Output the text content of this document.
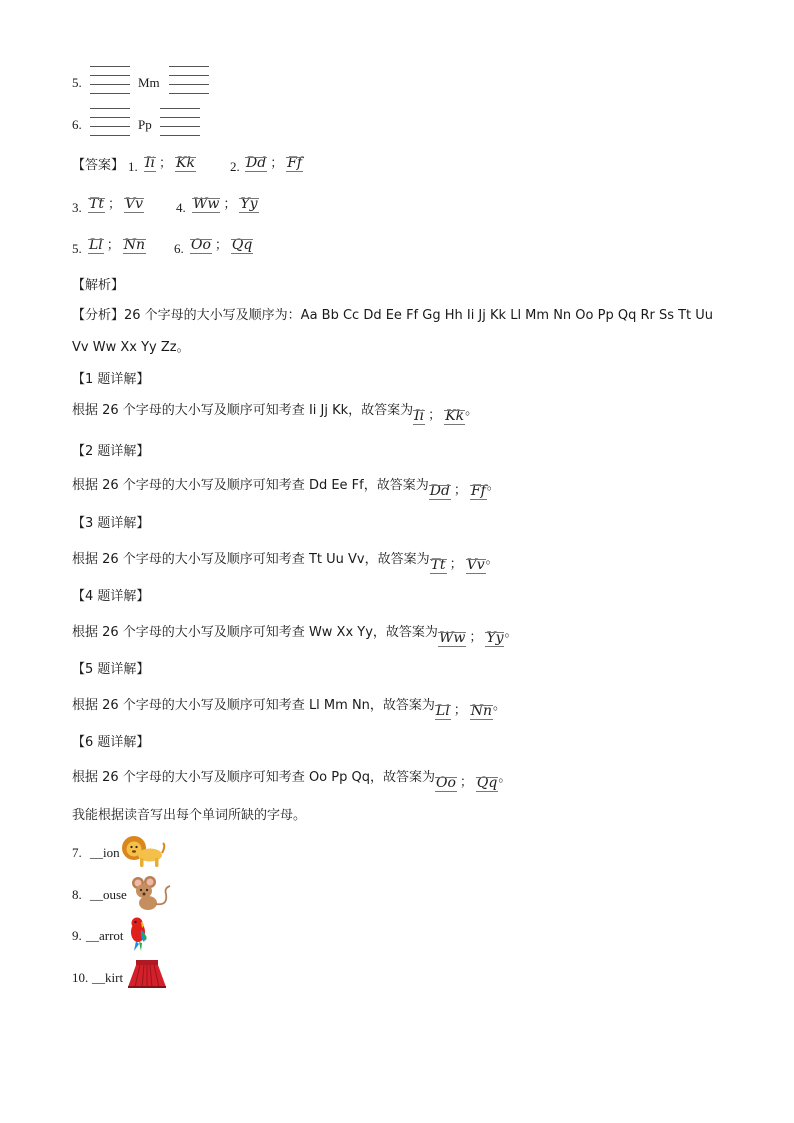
5.	Mm
6.	Pp
【答案】 1. Ii ； Kk	2. Dd ； Ff
3. Tt ； Vv	4. Ww ； Yy
5. Ll ； Nn 6. Oo ； Qq
【解析】
【分析】26 个字母的大小写及顺序为：Aa Bb Cc Dd Ee Ff Gg Hh Ii Jj Kk Ll Mm Nn Oo Pp Qq Rr Ss Tt Uu
Vv Ww Xx Yy Zz。
【1 题详解】
根据 26 个字母的大小写及顺序可知考查 Ii Jj Kk，故答案为Ii ； Kk。
【2 题详解】
根据 26 个字母的大小写及顺序可知考查 Dd Ee Ff，故答案为Dd ； Ff。
【3 题详解】
根据 26 个字母的大小写及顺序可知考查 Tt Uu Vv，故答案为Tt ； Vv。
【4 题详解】
根据 26 个字母的大小写及顺序可知考查 Ww Xx Yy，故答案为Ww ； Yy。
【5 题详解】
根据 26 个字母的大小写及顺序可知考查 Ll Mm Nn，故答案为Ll ； Nn。
【6 题详解】
根据 26 个字母的大小写及顺序可知考查 Oo Pp Qq，故答案为Oo ； Qq。
我能根据读音写出每个单词所缺的字母。
7. __ion
8. __ouse
9. __arrot
10. __kirt
